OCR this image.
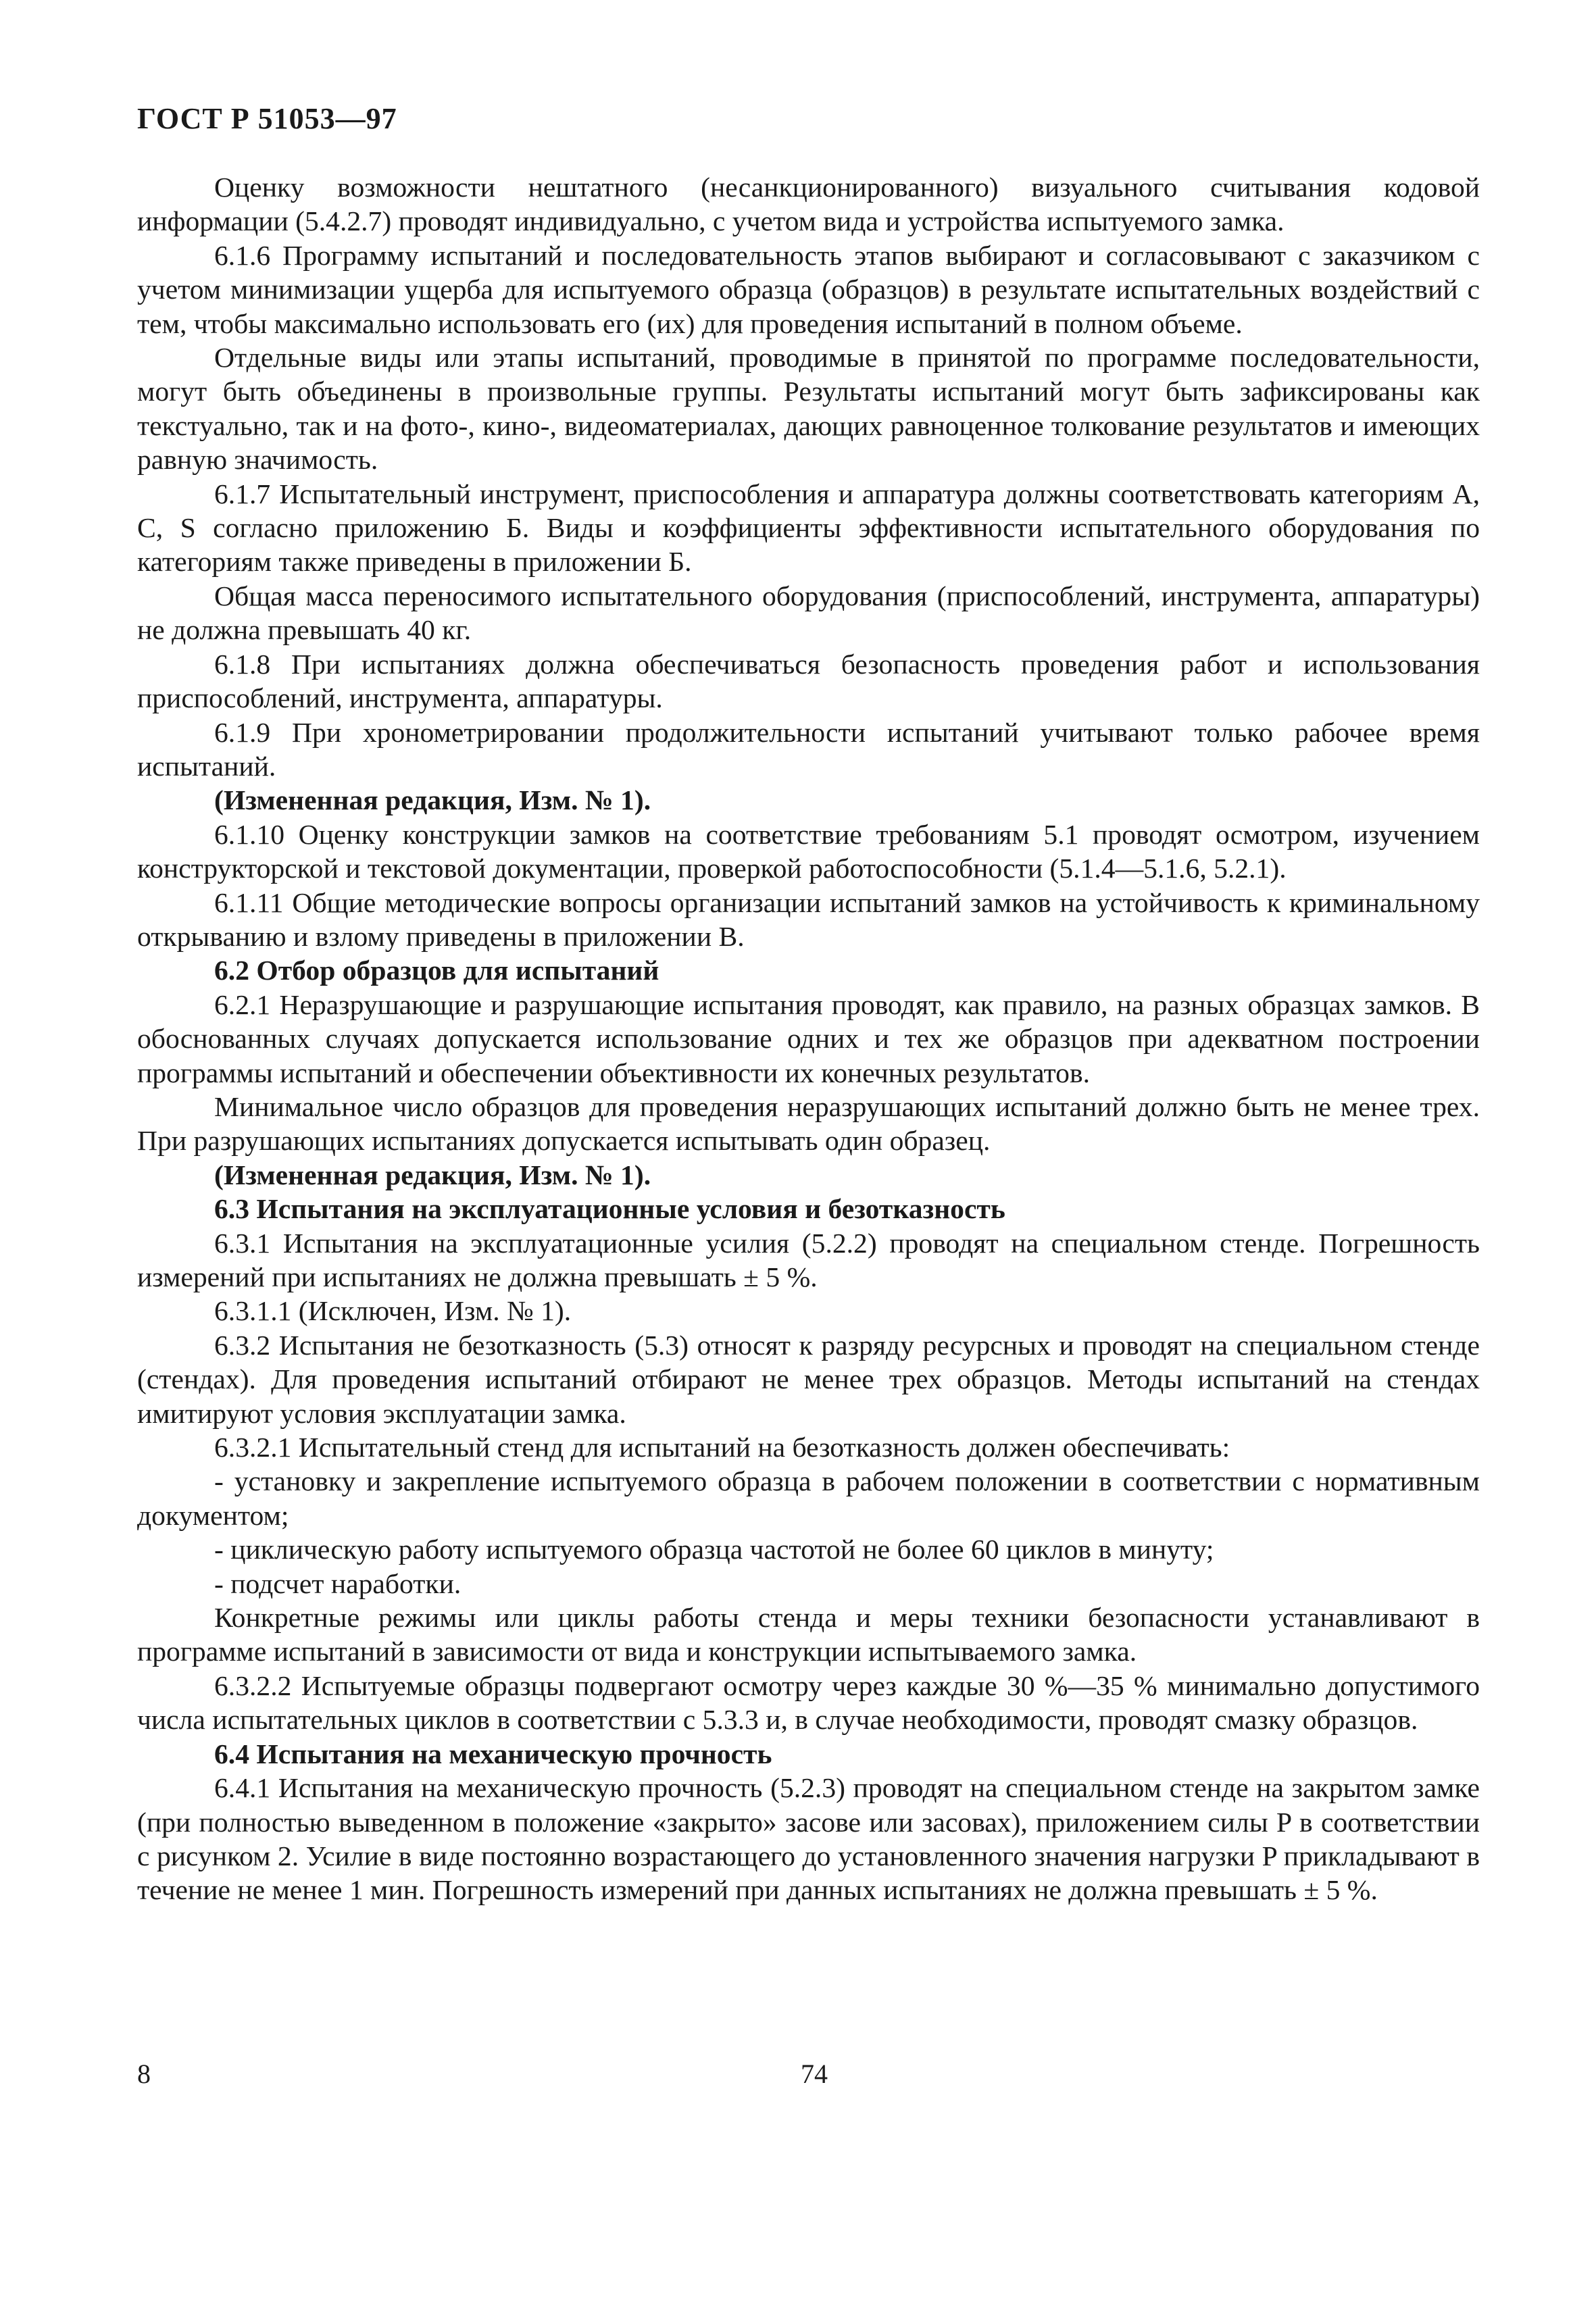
ГОСТ Р 51053—97

Оценку возможности нештатного (несанкционированного) визуального считывания кодовой информации (5.4.2.7) проводят индивидуально, с учетом вида и устройства испытуемого замка.

6.1.6 Программу испытаний и последовательность этапов выбирают и согласовывают с заказчиком с учетом минимизации ущерба для испытуемого образца (образцов) в результате испытательных воздействий с тем, чтобы максимально использовать его (их) для проведения испытаний в полном объеме.

Отдельные виды или этапы испытаний, проводимые в принятой по программе последовательности, могут быть объединены в произвольные группы. Результаты испытаний могут быть зафиксированы как текстуально, так и на фото-, кино-, видеоматериалах, дающих равноценное толкование результатов и имеющих равную значимость.

6.1.7 Испытательный инструмент, приспособления и аппаратура должны соответствовать категориям А, С, S согласно приложению Б. Виды и коэффициенты эффективности испытательного оборудования по категориям также приведены в приложении Б.

Общая масса переносимого испытательного оборудования (приспособлений, инструмента, аппаратуры) не должна превышать 40 кг.

6.1.8 При испытаниях должна обеспечиваться безопасность проведения работ и использования приспособлений, инструмента, аппаратуры.

6.1.9 При хронометрировании продолжительности испытаний учитывают только рабочее время испытаний.

(Измененная редакция, Изм. № 1).

6.1.10 Оценку конструкции замков на соответствие требованиям 5.1 проводят осмотром, изучением конструкторской и текстовой документации, проверкой работоспособности (5.1.4—5.1.6, 5.2.1).

6.1.11 Общие методические вопросы организации испытаний замков на устойчивость к криминальному открыванию и взлому приведены в приложении В.

6.2 Отбор образцов для испытаний

6.2.1 Неразрушающие и разрушающие испытания проводят, как правило, на разных образцах замков. В обоснованных случаях допускается использование одних и тех же образцов при адекватном построении программы испытаний и обеспечении объективности их конечных результатов.

Минимальное число образцов для проведения неразрушающих испытаний должно быть не менее трех. При разрушающих испытаниях допускается испытывать один образец.

(Измененная редакция, Изм. № 1).

6.3 Испытания на эксплуатационные условия и безотказность

6.3.1 Испытания на эксплуатационные усилия (5.2.2) проводят на специальном стенде. Погрешность измерений при испытаниях не должна превышать ± 5 %.

6.3.1.1 (Исключен, Изм. № 1).

6.3.2 Испытания не безотказность (5.3) относят к разряду ресурсных и проводят на специальном стенде (стендах). Для проведения испытаний отбирают не менее трех образцов. Методы испытаний на стендах имитируют условия эксплуатации замка.

6.3.2.1 Испытательный стенд для испытаний на безотказность должен обеспечивать:

- установку и закрепление испытуемого образца в рабочем положении в соответствии с нормативным документом;

- циклическую работу испытуемого образца частотой не более 60 циклов в минуту;

- подсчет наработки.

Конкретные режимы или циклы работы стенда и меры техники безопасности устанавливают в программе испытаний в зависимости от вида и конструкции испытываемого замка.

6.3.2.2 Испытуемые образцы подвергают осмотру через каждые 30 %—35 % минимально допустимого числа испытательных циклов в соответствии с 5.3.3 и, в случае необходимости, проводят смазку образцов.

6.4 Испытания на механическую прочность

6.4.1 Испытания на механическую прочность (5.2.3) проводят на специальном стенде на закрытом замке (при полностью выведенном в положение «закрыто» засове или засовах), приложением силы P в соответствии с рисунком 2. Усилие в виде постоянно возрастающего до установленного значения нагрузки P прикладывают в течение не менее 1 мин. Погрешность измерений при данных испытаниях не должна превышать ± 5 %.

8	74
